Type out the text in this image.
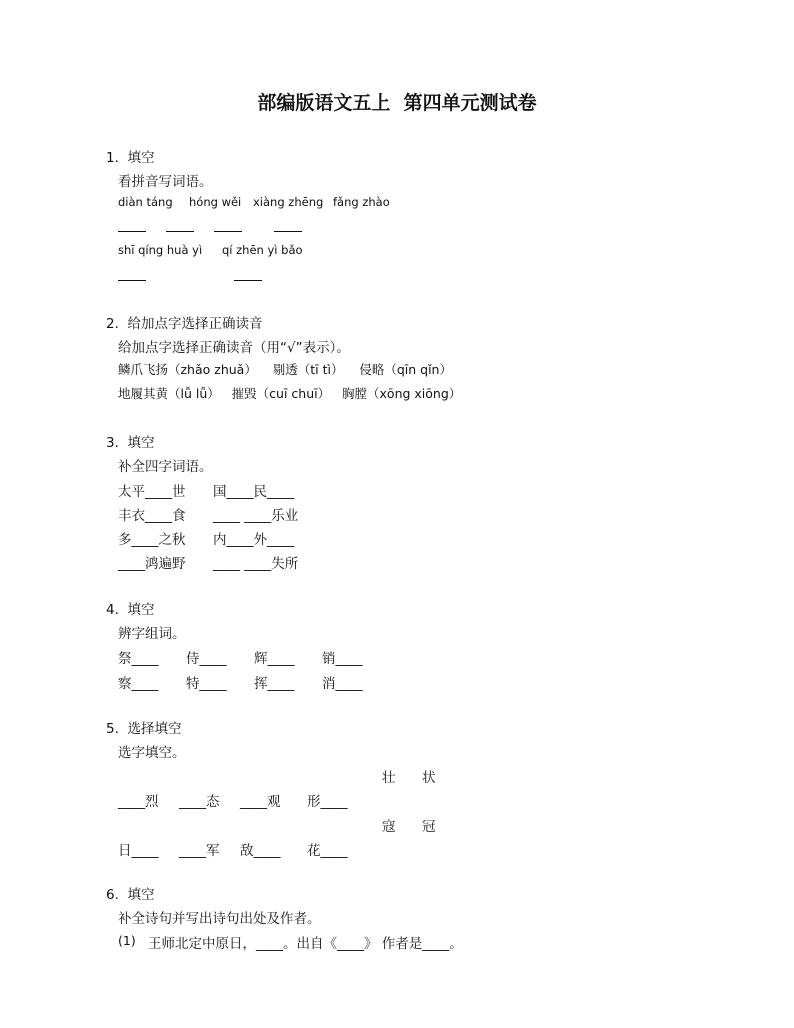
部编版语文五上  第四单元测试卷
1.  填空
看拼音写词语。
diàn táng hóng wěi xiàng zhēng fǎng zhào
shī qíng huà yì qí zhēn yì bǎo
2.  给加点字选择正确读音
给加点字选择正确读音（用“√”表示）。
鳞爪飞扬（zhǎo zhuǎ）    剔透（tī tì）    侵略（qīn qǐn）
地履其黄（lǚ lǚ）   摧毁（cuī chuī）   胸膛（xōng xiōng）
3.  填空
补全四字词语。
太平____世 国____民____
丰衣____食 ____ ____乐业
多____之秋 内____外____
____鸿遍野 ____ ____失所
4.  填空
辨字组词。
祭____ 侍____ 辉____ 销____
察____ 特____ 挥____ 消____
5.  选择填空
选字填空。
壮 状
____烈 ____态 ____观 形____
寇 冠
日____ ____军 敌____ 花____
6.  填空
补全诗句并写出诗句出处及作者。
(1) 王师北定中原日，____。出自《____》 作者是____。
